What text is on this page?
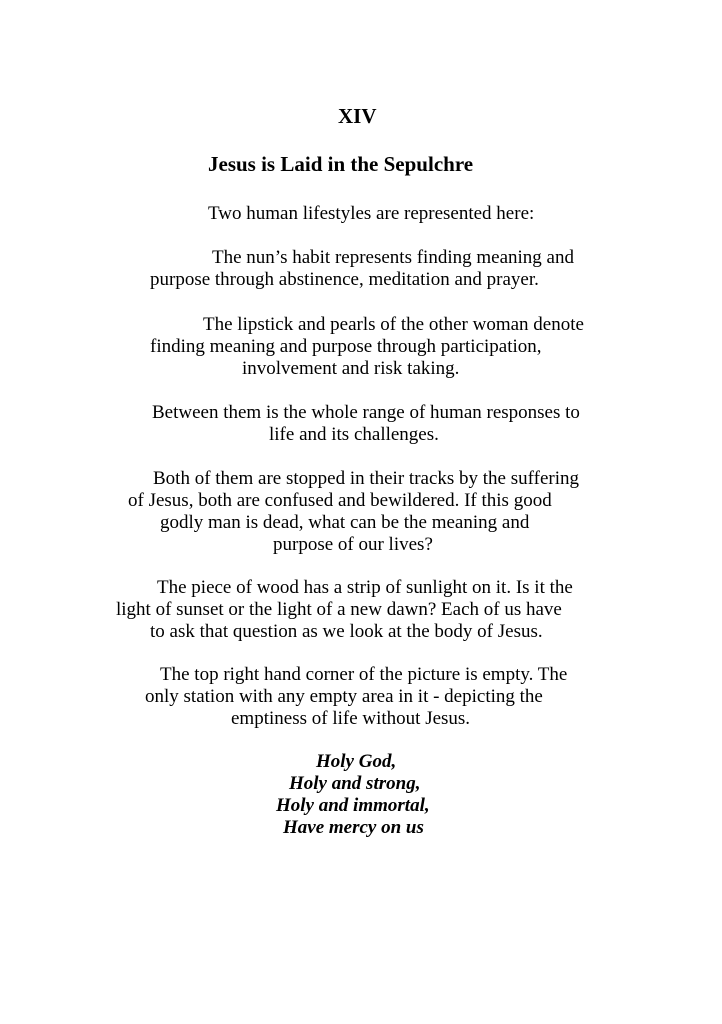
XIV
Jesus is Laid in the Sepulchre
Two human lifestyles are represented here:
The nun’s habit represents finding meaning and
purpose through abstinence, meditation and prayer.
The lipstick and pearls of the other woman denote
finding meaning and purpose through participation,
involvement and risk taking.
Between them is the whole range of human responses to
life and its challenges.
Both of them are stopped in their tracks by the suffering
of Jesus, both are confused and bewildered. If this good
godly man is dead, what can be the meaning and
purpose of our lives?
The piece of wood has a strip of sunlight on it. Is it the
light of sunset or the light of a new dawn? Each of us have
to ask that question as we look at the body of Jesus.
The top right hand corner of the picture is empty. The
only station with any empty area in it - depicting the
emptiness of life without Jesus.
Holy God,
Holy and strong,
Holy and immortal,
Have mercy on us
